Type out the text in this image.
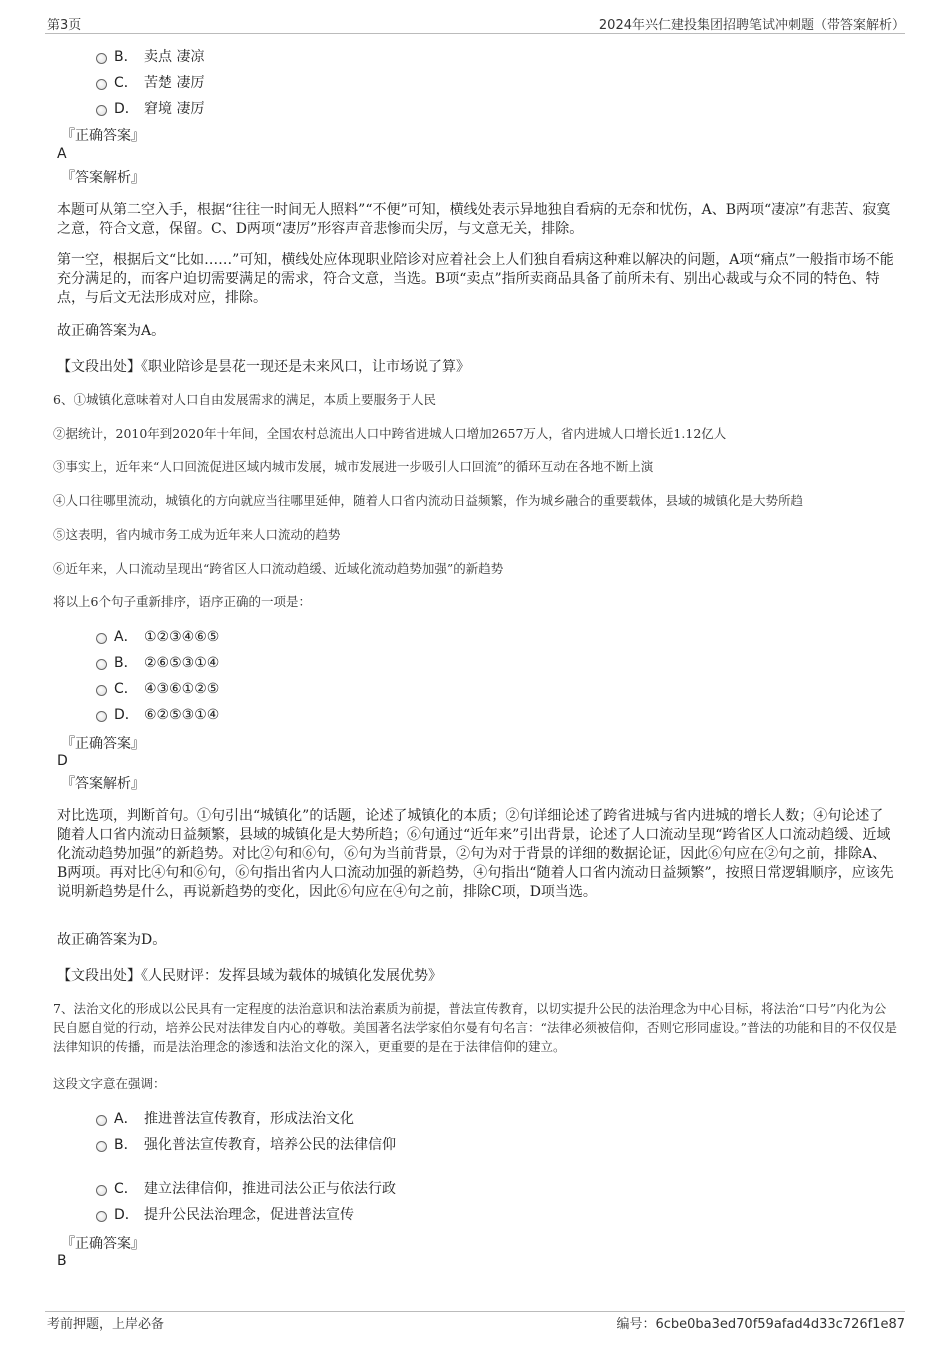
第3页	2024年兴仁建投集团招聘笔试冲刺题（带答案解析）
B． 卖点 凄凉
C． 苦楚 凄厉
D． 窘境 凄厉
『正确答案』
A
『答案解析』
本题可从第二空入手，根据“往往一时间无人照料”“不便”可知，横线处表示异地独自看病的无奈和忧伤，A、B两项“凄凉”有悲苦、寂寞之意，符合文意，保留。C、D两项“凄厉”形容声音悲惨而尖厉，与文意无关，排除。
第一空，根据后文“比如……”可知，横线处应体现职业陪诊对应着社会上人们独自看病这种难以解决的问题，A项“痛点”一般指市场不能充分满足的，而客户迫切需要满足的需求，符合文意，当选。B项“卖点”指所卖商品具备了前所未有、别出心裁或与众不同的特色、特点，与后文无法形成对应，排除。
故正确答案为A。
【文段出处】《职业陪诊是昙花一现还是未来风口，让市场说了算》
6、①城镇化意味着对人口自由发展需求的满足，本质上要服务于人民
②据统计，2010年到2020年十年间，全国农村总流出人口中跨省进城人口增加2657万人，省内进城人口增长近1.12亿人
③事实上，近年来“人口回流促进区域内城市发展，城市发展进一步吸引人口回流”的循环互动在各地不断上演
④人口往哪里流动，城镇化的方向就应当往哪里延伸，随着人口省内流动日益频繁，作为城乡融合的重要载体，县域的城镇化是大势所趋
⑤这表明，省内城市务工成为近年来人口流动的趋势
⑥近年来，人口流动呈现出“跨省区人口流动趋缓、近域化流动趋势加强”的新趋势
将以上6个句子重新排序，语序正确的一项是：
A． ①②③④⑥⑤
B． ②⑥⑤③①④
C． ④③⑥①②⑤
D． ⑥②⑤③①④
『正确答案』
D
『答案解析』
对比选项，判断首句。①句引出“城镇化”的话题，论述了城镇化的本质；②句详细论述了跨省进城与省内进城的增长人数；④句论述了随着人口省内流动日益频繁，县域的城镇化是大势所趋；⑥句通过“近年来”引出背景，论述了人口流动呈现“跨省区人口流动趋缓、近域化流动趋势加强”的新趋势。对比②句和⑥句，⑥句为当前背景，②句为对于背景的详细的数据论证，因此⑥句应在②句之前，排除A、B两项。再对比④句和⑥句，⑥句指出省内人口流动加强的新趋势，④句指出“随着人口省内流动日益频繁”，按照日常逻辑顺序，应该先说明新趋势是什么，再说新趋势的变化，因此⑥句应在④句之前，排除C项，D项当选。
故正确答案为D。
【文段出处】《人民财评：发挥县域为载体的城镇化发展优势》
7、法治文化的形成以公民具有一定程度的法治意识和法治素质为前提，普法宣传教育，以切实提升公民的法治理念为中心目标，将法治“口号”内化为公民自愿自觉的行动，培养公民对法律发自内心的尊敬。美国著名法学家伯尔曼有句名言：“法律必须被信仰，否则它形同虚设。”普法的功能和目的不仅仅是法律知识的传播，而是法治理念的渗透和法治文化的深入，更重要的是在于法律信仰的建立。
这段文字意在强调：
A． 推进普法宣传教育，形成法治文化
B． 强化普法宣传教育，培养公民的法律信仰
C． 建立法律信仰，推进司法公正与依法行政
D． 提升公民法治理念，促进普法宣传
『正确答案』
B
考前押题，上岸必备	编号：6cbe0ba3ed70f59afad4d33c726f1e87
